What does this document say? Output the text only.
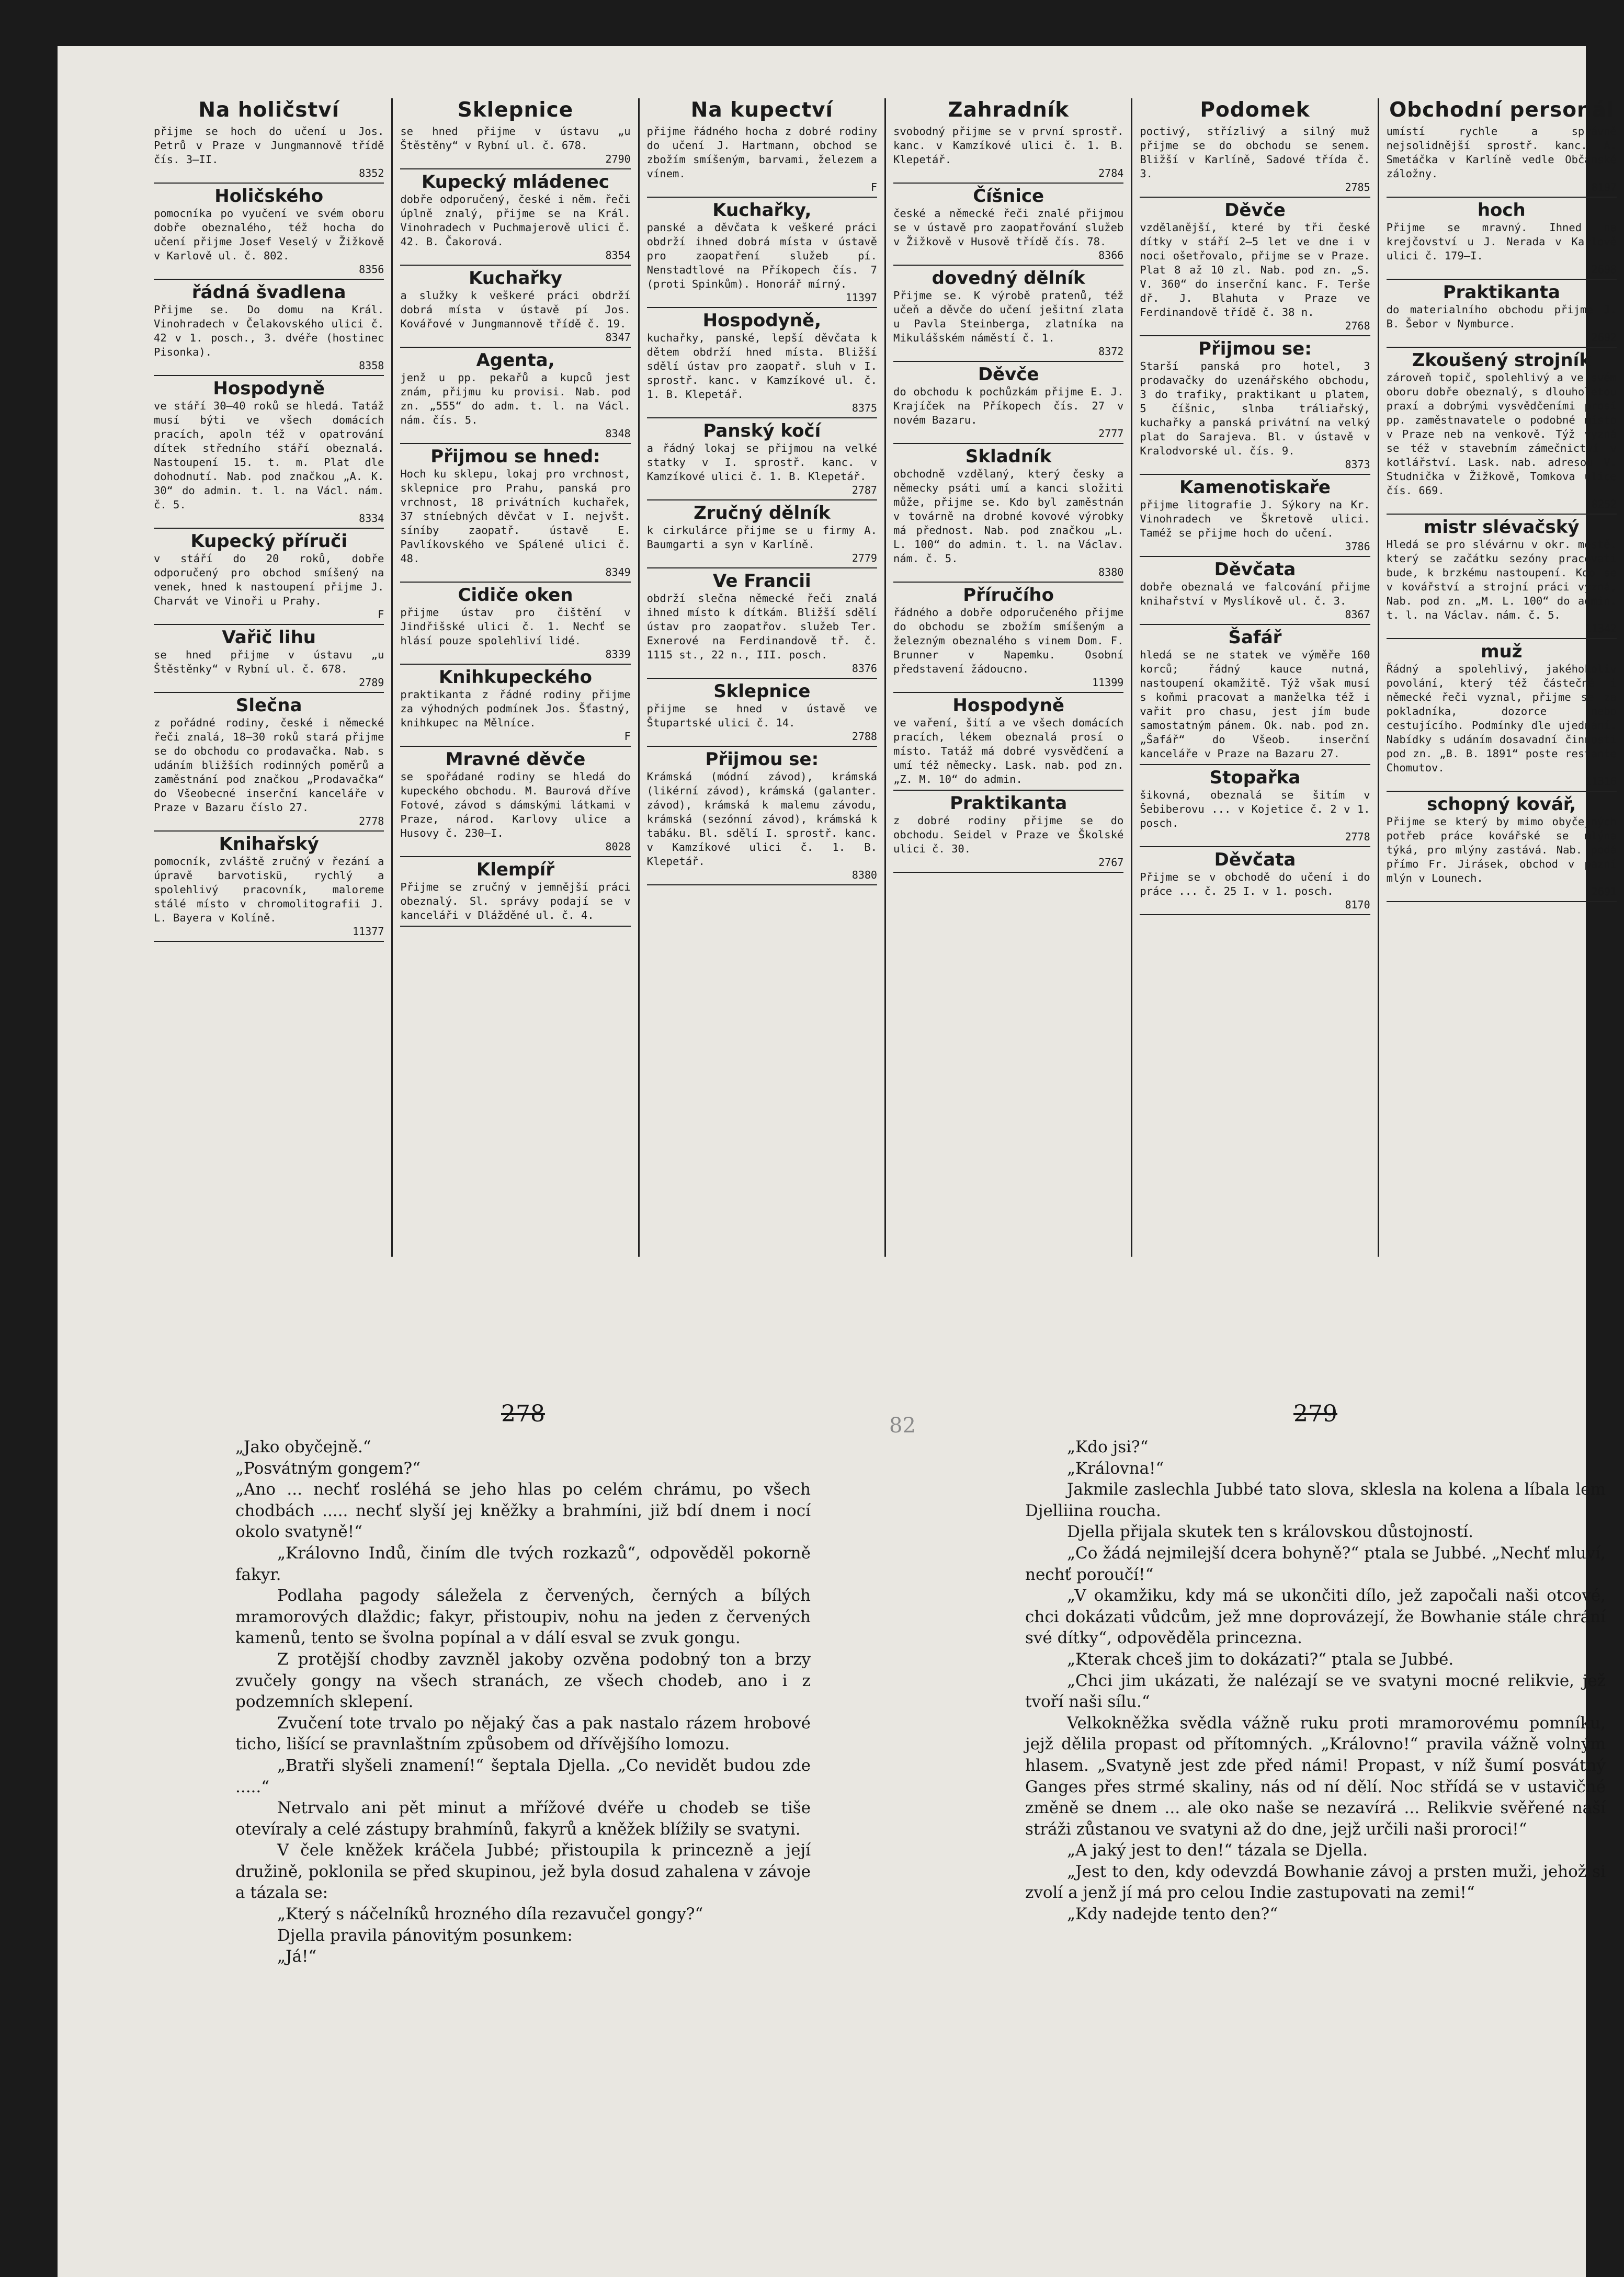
Na holičství
přijme se hoch do učení u Jos. Petrů v Praze v Jungmannově třídě čís. 3—II.
8352
Holičského
pomocníka po vyučení ve svém oboru dobře obeznalého, též hocha do učení přijme Josef Veselý v Žižkově v Karlově ul. č. 802.
8356
řádná švadlena
Přijme se. Do domu na Král. Vinohradech v Čelakovského ulici č. 42 v 1. posch., 3. dvéře (hostinec Pisonka).
8358
Hospodyně
ve stáří 30—40 roků se hledá. Tatáž musí býti ve všech domácích pracích, apoln též v opatrování dítek středního stáří obeznalá. Nastoupení 15. t. m. Plat dle dohodnutí. Nab. pod značkou „A. K. 30“ do admin. t. l. na Václ. nám. č. 5.
8334
Kupecký příruči
v stáří do 20 roků, dobře odporučený pro obchod smíšený na venek, hned k nastoupení přijme J. Charvát ve Vinoři u Prahy.
F
Vařič lihu
se hned přijme v ústavu „u Štěstěnky“ v Rybní ul. č. 678.
2789
Slečna
z pořádné rodiny, české i německé řeči znalá, 18—30 roků stará přijme se do obchodu co prodavačka. Nab. s udáním bližších rodinných poměrů a zaměstnání pod značkou „Prodavačka“ do Všeobecné inserční kanceláře v Praze v Bazaru číslo 27.
2778
Knihařský
pomocník, zvláště zručný v řezání a úpravě barvotiskü, rychlý a spolehlivý pracovník, maloreme stálé místo v chromolitografii J. L. Bayera v Kolíně.
11377
Sklepnice
se hned přijme v ústavu „u Štěstěny“ v Rybní ul. č. 678.
2790
Kupecký mládenec
dobře odporučený, české i něm. řeči úplně znalý, přijme se na Král. Vinohradech v Puchmajerově ulici č. 42. B. Čakorová.
8354
Kuchařky
a služky k veškeré práci obdrží dobrá místa v ústavě pí Jos. Kovářové v Jungmannově třídě č. 19.
8347
Agenta,
jenž u pp. pekařů a kupců jest znám, přijmu ku provisi. Nab. pod zn. „555“ do adm. t. l. na Václ. nám. čís. 5.
8348
Přijmou se hned:
Hoch ku sklepu, lokaj pro vrchnost, sklepnice pro Prahu, panská pro vrchnost, 18 privátních kuchařek, 37 stníebných děvčat v I. nejvšt. síníby zaopatř. ústavě E. Pavlíkovského ve Spálené ulici č. 48.
8349
Cidiče oken
přijme ústav pro čištění v Jindřišské ulici č. 1. Nechť se hlásí pouze spolehliví lidé.
8339
Knihkupeckého
praktikanta z řádné rodiny přijme za výhodných podmínek Jos. Šťastný, knihkupec na Mělníce.
F
Mravné děvče
se spořádané rodiny se hledá do kupeckého obchodu. M. Baurová dříve Fotové, závod s dámskými látkami v Praze, národ. Karlovy ulice a Husovy č. 230—I.
8028
Klempíř
Přijme se zručný v jemnější práci obeznalý. Sl. správy podají se v kanceláři v Dlážděné ul. č. 4.
Na kupectví
přijme řádného hocha z dobré rodiny do učení J. Hartmann, obchod se zbožím smíšeným, barvami, železem a vínem.
F
Kuchařky,
panské a děvčata k veškeré práci obdrží ihned dobrá místa v ústavě pro zaopatření služeb pí. Nenstadtlové na Příkopech čís. 7 (proti Spinkům). Honorář mírný.
11397
Hospodyně,
kuchařky, panské, lepší děvčata k dětem obdrží hned místa. Bližší sdělí ústav pro zaopatř. sluh v I. sprostř. kanc. v Kamzíkové ul. č. 1. B. Klepetář.
8375
Panský kočí
a řádný lokaj se přijmou na velké statky v I. sprostř. kanc. v Kamzíkové ulici č. 1. B. Klepetář.
2787
Zručný dělník
k cirkulárce přijme se u firmy A. Baumgarti a syn v Karlíně.
2779
Ve Francii
obdrží slečna německé řeči znalá ihned místo k dítkám. Bližší sdělí ústav pro zaopatřov. služeb Ter. Exnerové na Ferdinandově tř. č. 1115 st., 22 n., III. posch.
8376
Sklepnice
přijme se hned v ústavě ve Štupartské ulici č. 14.
2788
Přijmou se:
Krámská (módní závod), krámská (likérní závod), krámská (galanter. závod), krámská k malemu závodu, krámská (sezónní závod), krámská k tabáku. Bl. sdělí I. sprostř. kanc. v Kamzíkové ulici č. 1. B. Klepetář.
8380
Zahradník
svobodný přijme se v první sprostř. kanc. v Kamzíkové ulici č. 1. B. Klepetář.
2784
Číšnice
české a německé řeči znalé přijmou se v ústavě pro zaopatřování služeb v Žižkově v Husově třídě čís. 78.
8366
dovedný dělník
Přijme se. K výrobě pratenů, též učeň a děvče do učení ješitní zlata u Pavla Steinberga, zlatníka na Mikulášském náměstí č. 1.
8372
Děvče
do obchodu k pochůzkám přijme E. J. Krajíček na Příkopech čís. 27 v novém Bazaru.
2777
Skladník
obchodně vzdělaný, který česky a německy psáti umí a kanci složiti může, přijme se. Kdo byl zaměstnán v továrně na drobné kovové výrobky má přednost. Nab. pod značkou „L. L. 100“ do admin. t. l. na Václav. nám. č. 5.
8380
Příručího
řádného a dobře odporučeného přijme do obchodu se zbožím smíšeným a železným obeznalého s vinem Dom. F. Brunner v Napemku. Osobní představení žádoucno.
11399
Hospodyně
ve vaření, šití a ve všech domácích pracích, lékem obeznalá prosí o místo. Tatáž má dobré vysvědčení a umí též německy. Lask. nab. pod zn. „Z. M. 10“ do admin.
Praktikanta
z dobré rodiny přijme se do obchodu. Seidel v Praze ve Školské ulici č. 30.
2767
Podomek
poctivý, střízlivý a silný muž přijme se do obchodu se senem. Bližší v Karlíně, Sadové třída č. 3.
2785
Děvče
vzdělanější, které by tři české dítky v stáří 2—5 let ve dne i v noci ošetřovalo, přijme se v Praze. Plat 8 až 10 zl. Nab. pod zn. „S. V. 360“ do inserční kanc. F. Terše dř. J. Blahuta v Praze ve Ferdinandově třídě č. 38 n.
2768
Přijmou se:
Starší panská pro hotel, 3 prodavačky do uzenářského obchodu, 3 do trafiky, praktikant u platem, 5 číšnic, slnba tráliařský, kuchařky a panská privátní na velký plat do Sarajeva. Bl. v ústavě v Kralodvorské ul. čís. 9.
8373
Kamenotiskaře
přijme litografie J. Sýkory na Kr. Vinohradech ve Škretově ulici. Taméž se přijme hoch do učení.
3786
Děvčata
dobře obeznalá ve falcování přijme knihařství v Myslíkově ul. č. 3.
8367
Šafář
hledá se ne statek ve výměře 160 korců; řádný kauce nutná, nastoupení okamžitě. Týž však musí s koňmi pracovat a manželka též i vařit pro chasu, jest jím bude samostatným pánem. Ok. nab. pod zn. „Šafář“ do Všeob. inserční kanceláře v Praze na Bazaru 27.
Stopařka
šikovná, obeznalá se šitím v Šebiberovu ... v Kojetice č. 2 v 1. posch.
2778
Děvčata
Přijme se v obchodě do učení i do práce ... č. 25 I. v 1. posch.
8170
Obchodní personál
umístí rychle a správně nejsolidnější sprostř. kanc. A. Smetáčka v Karlíně vedle Občanské záložny.
8197
hoch
Přijme se mravný. Ihned na krejčovství u J. Nerada v Karlově ulici č. 179—I.
2698
Praktikanta
do materialního obchodu přijme J. B. Šebor v Nymburce.
2692
Zkoušený strojník
zároveň topič, spolehlivý a ve svém oboru dobře obeznalý, s dlouholetou praxí a dobrými vysvědčeními prosí pp. zaměstnavatele o podobné místo v Praze neb na venkově. Týž vyzná se též v stavebním zámečnictví v kotlářství. Lask. nab. adresou V. Studnička v Žižkově, Tomkova ulice čís. 669.
8252
mistr slévačský
Hledá se pro slévárnu v okr. městě. který se začátku sezóny pracovati bude, k brzkému nastoupení. Kdo se v kovářství a strojní práci vyzná, Nab. pod zn. „M. L. 100“ do admin. t. l. na Václav. nám. č. 5.
11342
muž
Řádný a spolehlivý, jakéhokoliv povolání, který též částečně i německé řeči vyznal, přijme se za pokladníka, dozorce nebo cestujícího. Podmínky dle ujednání. Nabídky s udáním dosavadní činnosti pod zn. „B. B. 1891“ poste restante Chomutov.
11316
schopný kovář,
Přijme se který by mimo obyčejných potřeb práce kovářské se mlýna týká, pro mlýny zastává. Nab. podá přímo Fr. Jirásek, obchod v pazní mlýn v Lounech.
2691
278

„Jako obyčejně.“

„Posvátným gongem?“

„Ano ... nechť rosléhá se jeho hlas po celém chrámu, po všech chodbách ..... nechť slyší jej kněžky a brahmíni, již bdí dnem i nocí okolo svatyně!“

„Královno Indů, činím dle tvých rozkazů“, odpověděl pokorně fakyr.

Podlaha pagody sáležela z červených, černých a bílých mramorových dlaždic; fakyr, přistoupiv, nohu na jeden z červených kamenů, tento se švolna popínal a v dálí esval se zvuk gongu.

Z protější chodby zavzněl jakoby ozvěna podobný ton a brzy zvučely gongy na všech stranách, ze všech chodeb, ano i z podzemních sklepení.

Zvučení tote trvalo po nějaký čas a pak nastalo rázem hrobové ticho, lišící se pravnlaštním způsobem od dřívějšího lomozu.

„Bratři slyšeli znamení!“ šeptala Djella. „Co nevidět budou zde .....“

Netrvalo ani pět minut a mřížové dvéře u chodeb se tiše otevíraly a celé zástupy brahmínů, fakyrů a kněžek blížily se svatyni.

V čele kněžek kráčela Jubbé; přistoupila k princezně a její družině, poklonila se před skupinou, jež byla dosud zahalena v závoje a tázala se:

„Který s náčelníků hrozného díla rezavučel gongy?“

Djella pravila pánovitým posunkem:

„Já!“

82	279

„Kdo jsi?“

„Královna!“

Jakmile zaslechla Jubbé tato slova, sklesla na kolena a líbala lem Djelliina roucha.

Djella přijala skutek ten s královskou důstojností.

„Co žádá nejmilejší dcera bohyně?“ ptala se Jubbé. „Nechť mluví, nechť poroučí!“

„V okamžiku, kdy má se ukončiti dílo, jež započali naši otcové, chci dokázati vůdcům, jež mne doprovázejí, že Bowhanie stále chrání své dítky“, odpověděla princezna.

„Kterak chceš jim to dokázati?“ ptala se Jubbé.

„Chci jim ukázati, že nalézají se ve svatyni mocné relikvie, jež tvoří naši sílu.“

Velkokněžka svědla vážně ruku proti mramorovému pomníku, jejž dělila propast od přítomných. „Královno!“ pravila vážně volným hlasem. „Svatyně jest zde před námi! Propast, v níž šumí posvátný Ganges přes strmé skaliny, nás od ní dělí. Noc střídá se v ustavičné změně se dnem ... ale oko naše se nezavírá ... Relikvie svěřené naší stráži zůstanou ve svatyni až do dne, jejž určili naši proroci!“

„A jaký jest to den!“ tázala se Djella.

„Jest to den, kdy odevzdá Bowhanie závoj a prsten muži, jehož si zvolí a jenž jí má pro celou Indie zastupovati na zemi!“

„Kdy nadejde tento den?“
